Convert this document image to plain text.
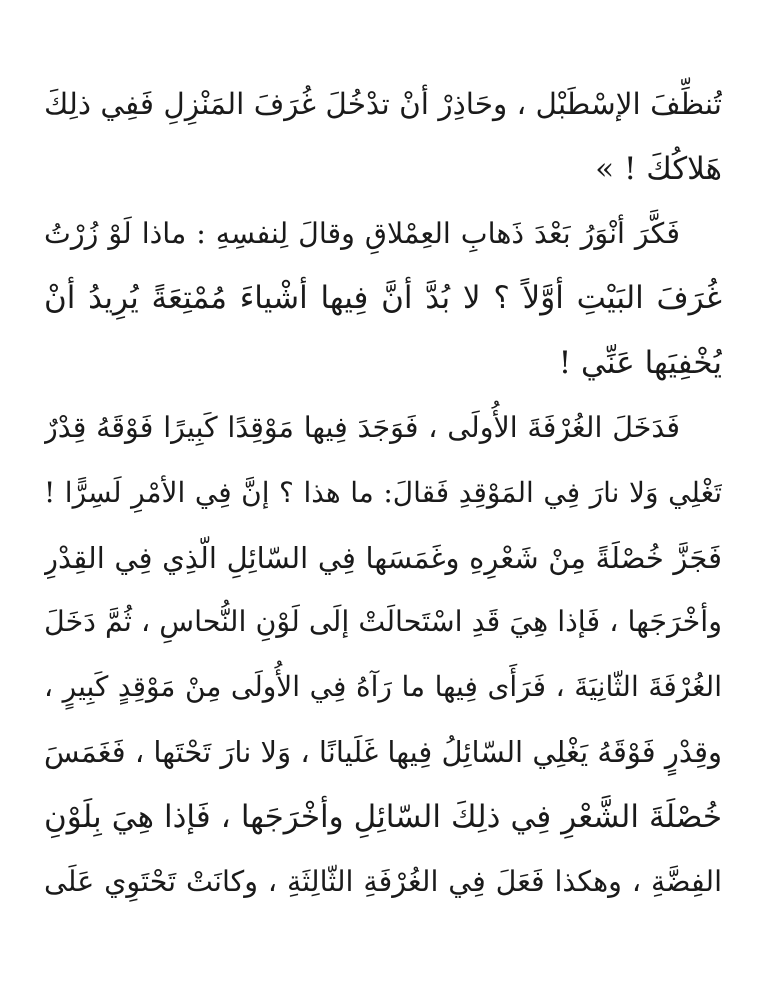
تُنظِّفَ الإسْطَبْل ، وحَاذِرْ أنْ تدْخُلَ غُرَفَ المَنْزِلِ فَفِي ذلِكَ
هَلاكُكَ ! »
فَكَّرَ أنْوَرُ بَعْدَ ذَهابِ العِمْلاقِ وقالَ لِنفسِهِ : ماذا لَوْ زُرْتُ
غُرَفَ البَيْتِ أوَّلاً ؟ لا بُدَّ أنَّ فِيها أشْياءَ مُمْتِعَةً يُرِيدُ أنْ
يُخْفِيَها عَنِّي !
فَدَخَلَ الغُرْفَةَ الأُولَى ، فَوَجَدَ فِيها مَوْقِدًا كَبِيرًا فَوْقَهُ قِدْرٌ
تَغْلِي وَلا نارَ فِي المَوْقِدِ فَقالَ: ما هذا ؟ إنَّ فِي الأمْرِ لَسِرًّا !
فَجَزَّ خُصْلَةً مِنْ شَعْرِهِ وغَمَسَها فِي السّائِلِ الّذِي فِي القِدْرِ
وأخْرَجَها ، فَإذا هِيَ قَدِ اسْتَحالَتْ إلَى لَوْنِ النُّحاسِ ، ثُمَّ دَخَلَ
الغُرْفَةَ الثّانِيَةَ ، فَرَأَى فِيها ما رَآهُ فِي الأُولَى مِنْ مَوْقِدٍ كَبِيرٍ ،
وقِدْرٍ فَوْقَهُ يَغْلِي السّائِلُ فِيها غَلَيانًا ، وَلا نارَ تَحْتَها ، فَغَمَسَ
خُصْلَةَ الشَّعْرِ فِي ذلِكَ السّائِلِ وأخْرَجَها ، فَإذا هِيَ بِلَوْنِ
الفِضَّةِ ، وهكذا فَعَلَ فِي الغُرْفَةِ الثّالِثَةِ ، وكانَتْ تَحْتَوِي عَلَى
